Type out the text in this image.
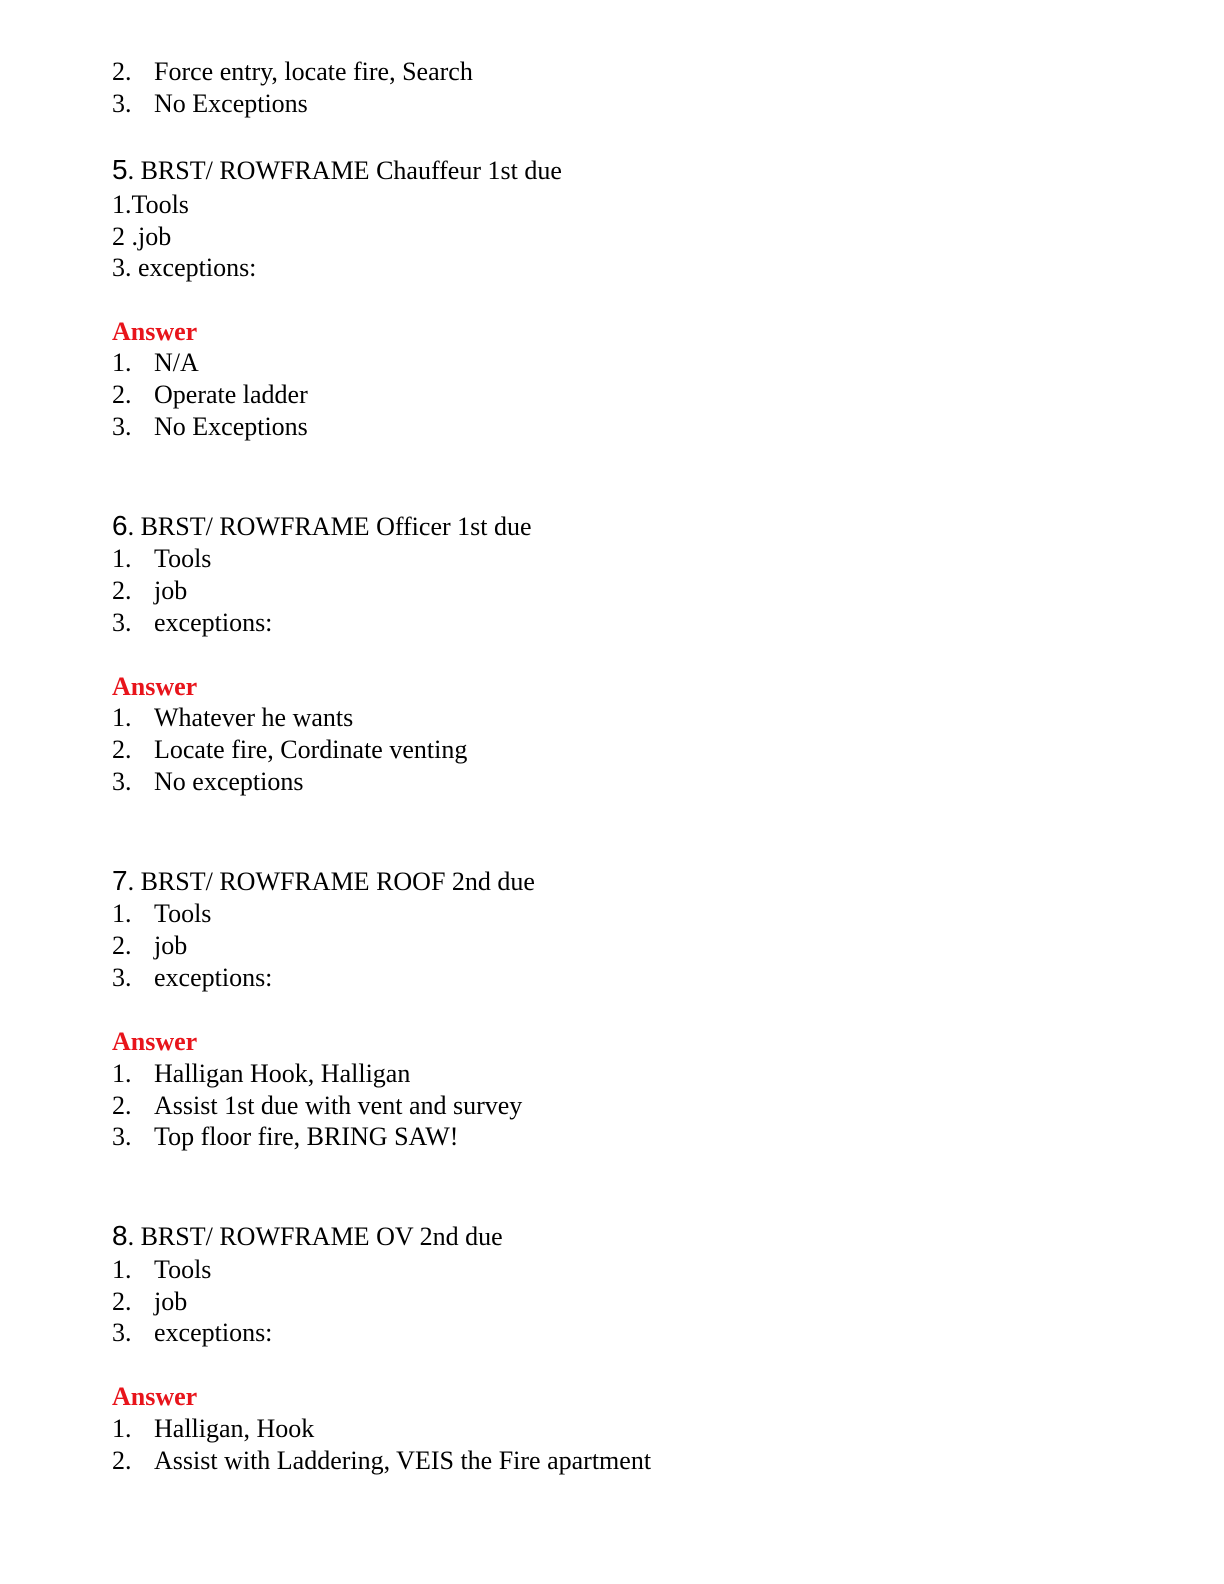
2. Force entry, locate fire, Search
3. No Exceptions
5. BRST/ ROWFRAME Chauffeur 1st due
1.Tools
2 .job
3. exceptions:
Answer
1. N/A
2. Operate ladder
3. No Exceptions
6. BRST/ ROWFRAME Officer 1st due
1. Tools
2. job
3. exceptions:
Answer
1. Whatever he wants
2. Locate fire, Cordinate venting
3. No exceptions
7. BRST/ ROWFRAME ROOF 2nd due
1. Tools
2. job
3. exceptions:
Answer
1. Halligan Hook, Halligan
2. Assist 1st due with vent and survey
3. Top floor fire, BRING SAW!
8. BRST/ ROWFRAME OV 2nd due
1. Tools
2. job
3. exceptions:
Answer
1. Halligan, Hook
2. Assist with Laddering, VEIS the Fire apartment
